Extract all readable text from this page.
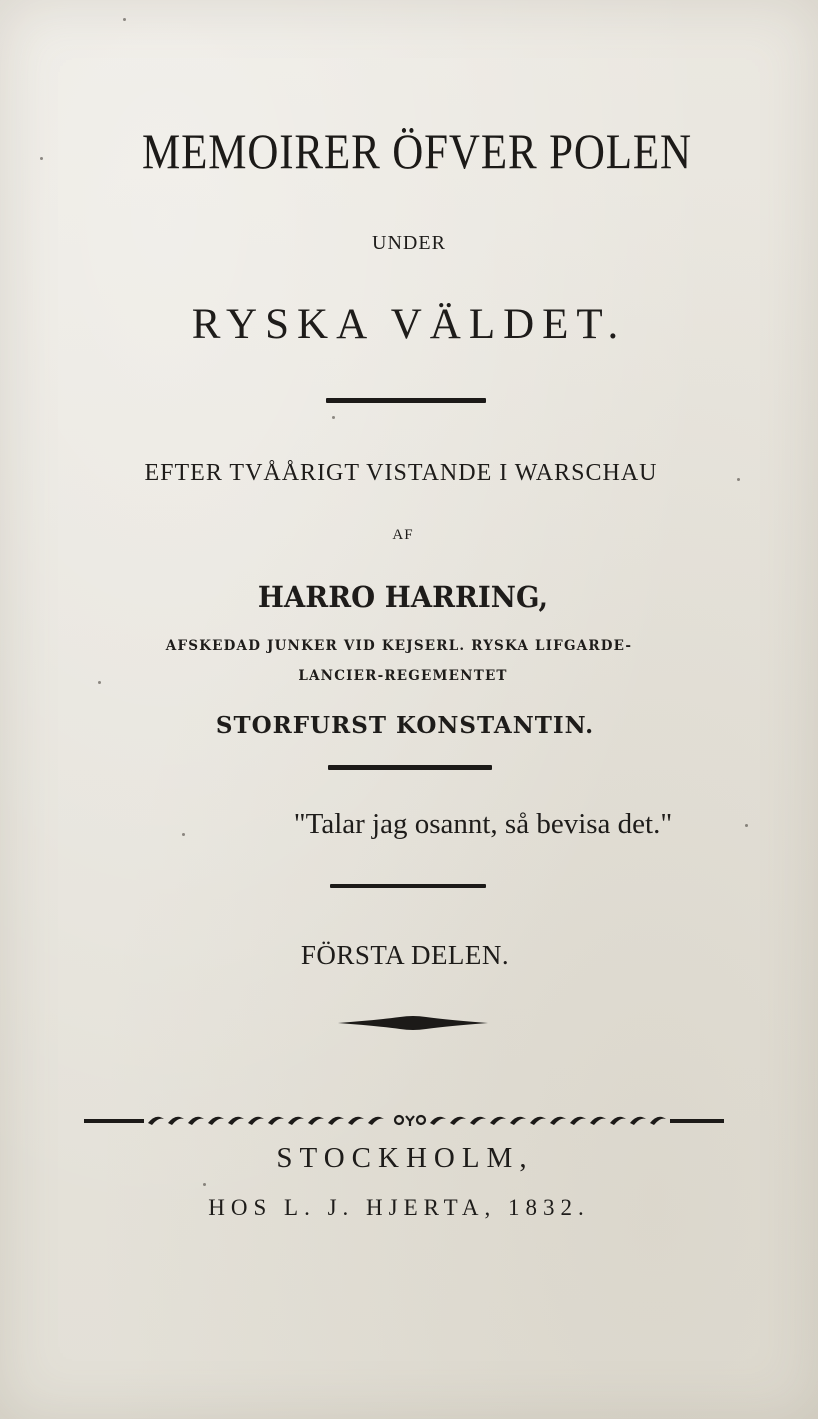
MEMOIRER ÖFVER POLEN
UNDER
RYSKA VÄLDET.
EFTER TVÅÅRIGT VISTANDE I WARSCHAU
AF
HARRO HARRING,
AFSKEDAD JUNKER VID KEJSERL. RYSKA LIFGARDE-
LANCIER-REGEMENTET
STORFURST KONSTANTIN.
"Talar jag osannt, så bevisa det."
FÖRSTA DELEN.
STOCKHOLM,
HOS L. J. HJERTA, 1832.
